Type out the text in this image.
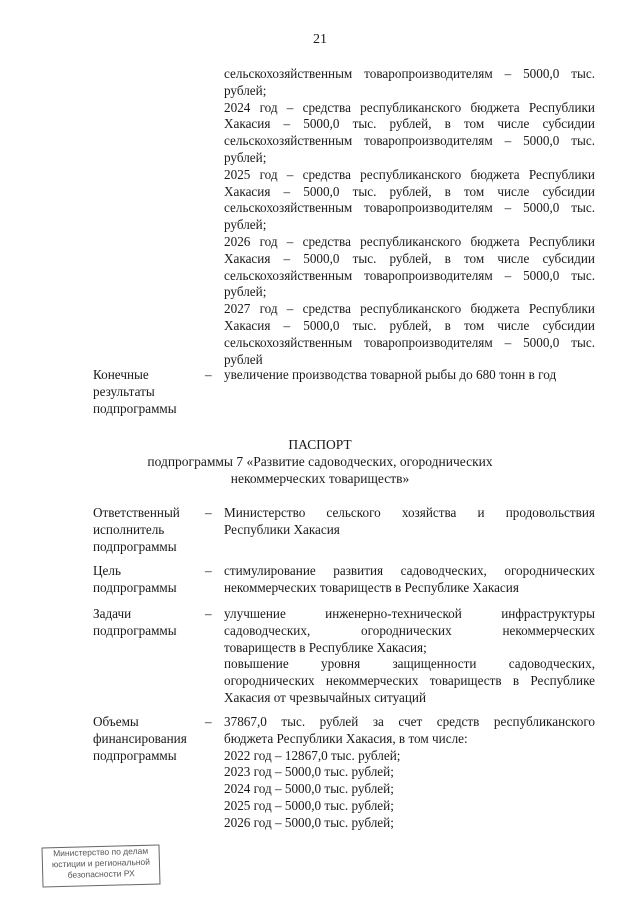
21
сельскохозяйственным товаропроизводителям – 5000,0 тыс.
рублей;
2024 год – средства республиканского бюджета Республики
Хакасия – 5000,0 тыс. рублей, в том числе субсидии
сельскохозяйственным товаропроизводителям – 5000,0 тыс.
рублей;
2025 год – средства республиканского бюджета Республики
Хакасия – 5000,0 тыс. рублей, в том числе субсидии
сельскохозяйственным товаропроизводителям – 5000,0 тыс.
рублей;
2026 год – средства республиканского бюджета Республики
Хакасия – 5000,0 тыс. рублей, в том числе субсидии
сельскохозяйственным товаропроизводителям – 5000,0 тыс.
рублей;
2027 год – средства республиканского бюджета Республики
Хакасия – 5000,0 тыс. рублей, в том числе субсидии
сельскохозяйственным товаропроизводителям – 5000,0 тыс.
рублей
Конечные
результаты
подпрограммы
– увеличение производства товарной рыбы до 680 тонн в год
ПАСПОРТ
подпрограммы 7 «Развитие садоводческих, огороднических
некоммерческих товариществ»
Ответственный
исполнитель
подпрограммы
– Министерство сельского хозяйства и продовольствия
Республики Хакасия
Цель
подпрограммы
– стимулирование развития садоводческих, огороднических
некоммерческих товариществ в Республике Хакасия
Задачи
подпрограммы
– улучшение инженерно-технической инфраструктуры
садоводческих, огороднических некоммерческих
товариществ в Республике Хакасия;
повышение уровня защищенности садоводческих,
огороднических некоммерческих товариществ в Республике
Хакасия от чрезвычайных ситуаций
Объемы
финансирования
подпрограммы
– 37867,0 тыс. рублей за счет средств республиканского
бюджета Республики Хакасия, в том числе:
2022 год – 12867,0 тыс. рублей;
2023 год – 5000,0 тыс. рублей;
2024 год – 5000,0 тыс. рублей;
2025 год – 5000,0 тыс. рублей;
2026 год – 5000,0 тыс. рублей;
Министерство по делам
юстиции и региональной
безопасности РХ
